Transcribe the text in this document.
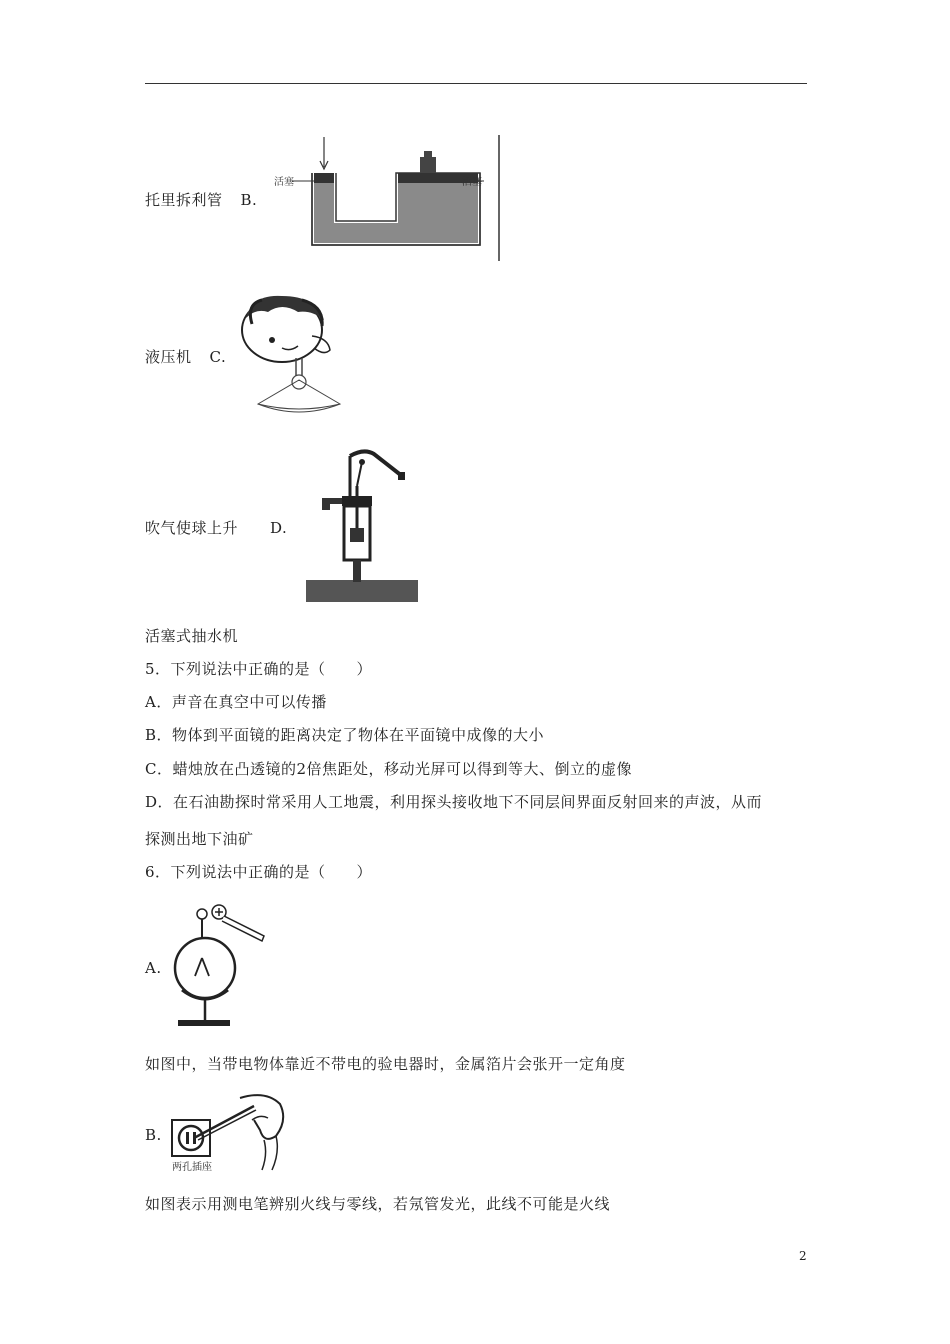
托里拆利管 B.
活塞	活塞
液压机 C.
吹气使球上升 D.
活塞式抽水机
5．下列说法中正确的是（　　）
A．声音在真空中可以传播
B．物体到平面镜的距离决定了物体在平面镜中成像的大小
C．蜡烛放在凸透镜的2倍焦距处，移动光屏可以得到等大、倒立的虚像
D．在石油勘探时常采用人工地震，利用探头接收地下不同层间界面反射回来的声波，从而
探测出地下油矿
6．下列说法中正确的是（　　）
A.
如图中，当带电物体靠近不带电的验电器时，金属箔片会张开一定角度
B.
两孔插座
如图表示用测电笔辨别火线与零线，若氖管发光，此线不可能是火线
2
